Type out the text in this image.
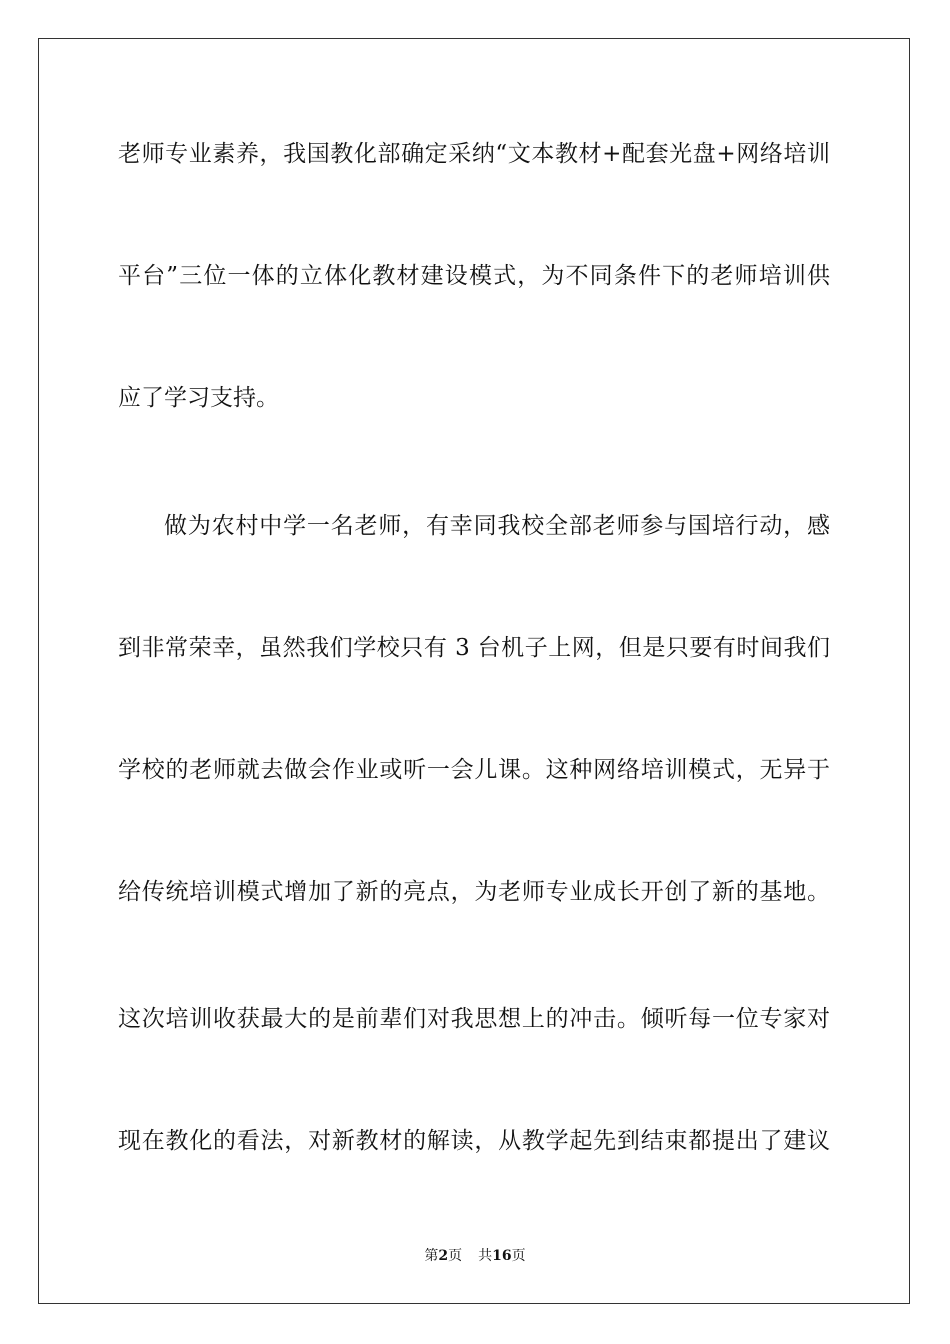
老师专业素养，我国教化部确定采纳“文本教材+配套光盘+网络培训
平台”三位一体的立体化教材建设模式，为不同条件下的老师培训供
应了学习支持。
做为农村中学一名老师，有幸同我校全部老师参与国培行动，感
到非常荣幸，虽然我们学校只有 3 台机子上网，但是只要有时间我们
学校的老师就去做会作业或听一会儿课。这种网络培训模式，无异于
给传统培训模式增加了新的亮点，为老师专业成长开创了新的基地。
这次培训收获最大的是前辈们对我思想上的冲击。倾听每一位专家对
现在教化的看法，对新教材的解读，从教学起先到结束都提出了建议
第2页 共16页
